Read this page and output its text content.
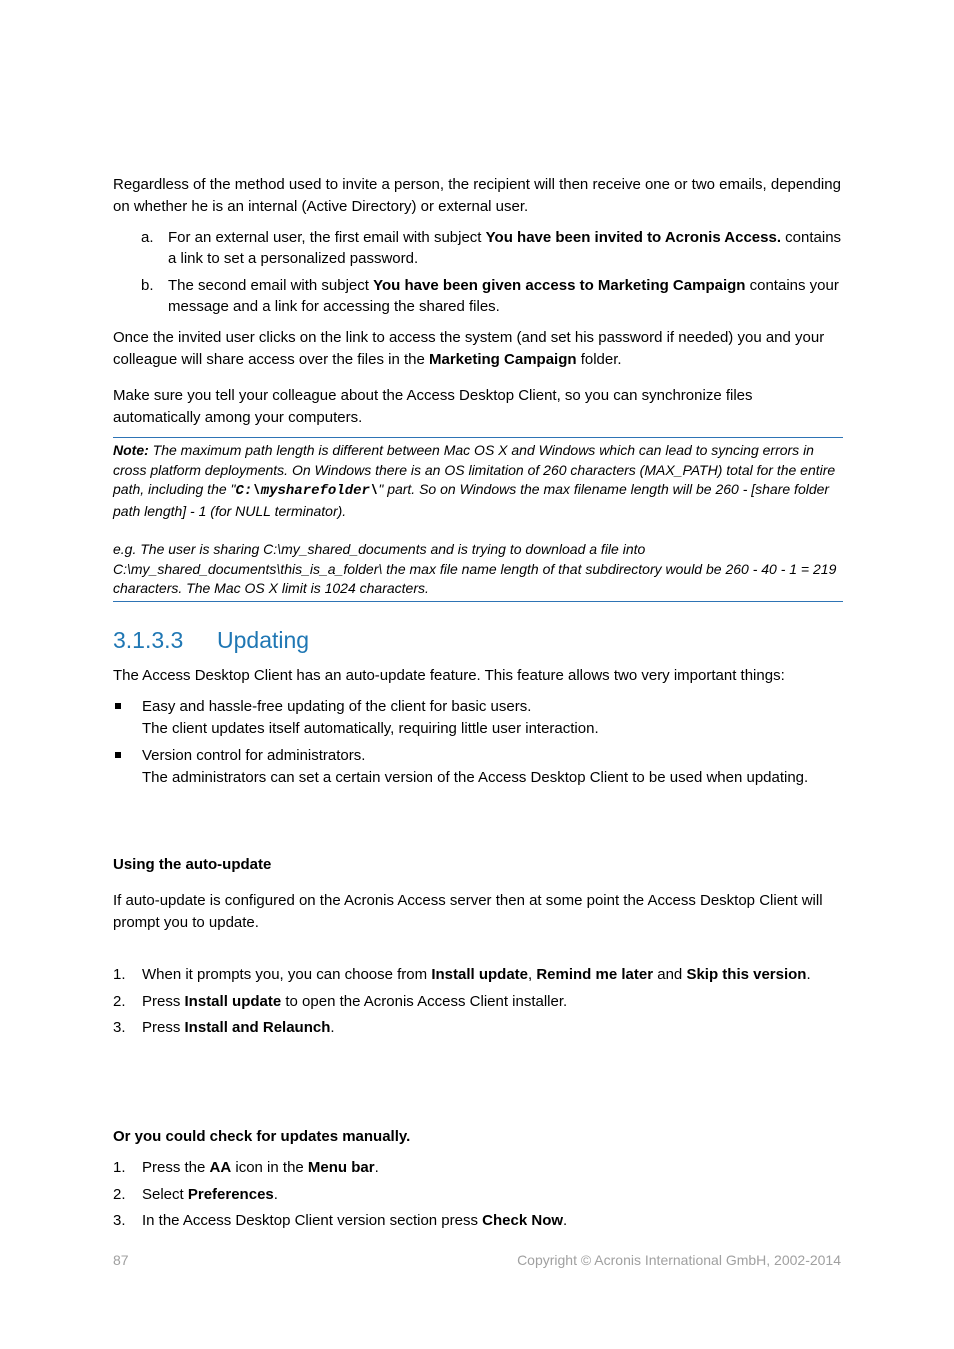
Regardless of the method used to invite a person, the recipient will then receive one or two emails, depending on whether he is an internal (Active Directory) or external user.

a. For an external user, the first email with subject You have been invited to Acronis Access. contains a link to set a personalized password.
b. The second email with subject You have been given access to Marketing Campaign contains your message and a link for accessing the shared files.

Once the invited user clicks on the link to access the system (and set his password if needed) you and your colleague will share access over the files in the Marketing Campaign folder.

Make sure you tell your colleague about the Access Desktop Client, so you can synchronize files automatically among your computers.

Note: The maximum path length is different between Mac OS X and Windows which can lead to syncing errors in cross platform deployments. On Windows there is an OS limitation of 260 characters (MAX_PATH) total for the entire path, including the "C:\mysharefolder\" part. So on Windows the max filename length will be 260 - [share folder path length] - 1 (for NULL terminator).
e.g. The user is sharing C:\my_shared_documents and is trying to download a file into C:\my_shared_documents\this_is_a_folder\ the max file name length of that subdirectory would be 260 - 40 - 1 = 219 characters. The Mac OS X limit is 1024 characters.
3.1.3.3	Updating

The Access Desktop Client has an auto-update feature. This feature allows two very important things:

Easy and hassle-free updating of the client for basic users.
The client updates itself automatically, requiring little user interaction.
Version control for administrators.
The administrators can set a certain version of the Access Desktop Client to be used when updating.

Using the auto-update

If auto-update is configured on the Acronis Access server then at some point the Access Desktop Client will prompt you to update.

1. When it prompts you, you can choose from Install update, Remind me later and Skip this version.
2. Press Install update to open the Acronis Access Client installer.
3. Press Install and Relaunch.

Or you could check for updates manually.

1. Press the AA icon in the Menu bar.
2. Select Preferences.
3. In the Access Desktop Client version section press Check Now.
87	Copyright © Acronis International GmbH, 2002-2014
